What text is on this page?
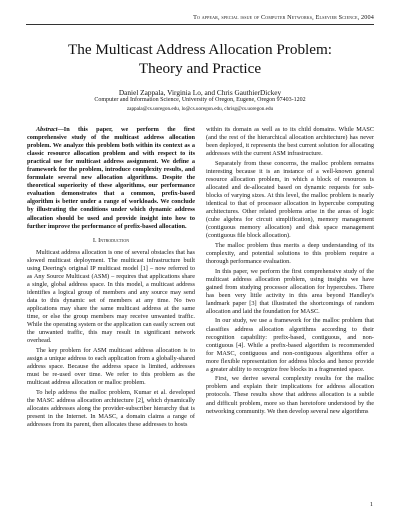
To appear, special issue of Computer Networks, Elsevier Science, 2004
The Multicast Address Allocation Problem:
Theory and Practice
Daniel Zappala, Virginia Lo, and Chris GauthierDickey
Computer and Information Science, University of Oregon, Eugene, Oregon 97403-1202
zappala@cs.uoregon.edu, lo@cs.uoregon.edu, chrisg@cs.uoregon.edu

Abstract—In this paper, we perform the first comprehensive study of the multicast address allocation problem. We analyze this problem both within its context as a classic resource allocation problem and with respect to its practical use for multicast address assignment. We define a framework for the problem, introduce complexity results, and formulate several new allocation algorithms. Despite the theoretical superiority of these algorithms, our performance evaluation demonstrates that a common, prefix-based algorithm is better under a range of workloads. We conclude by illustrating the conditions under which dynamic address allocation should be used and provide insight into how to further improve the performance of prefix-based allocation.

I. Introduction

Multicast address allocation is one of several obstacles that has slowed multicast deployment. The multicast infrastructure built using Deering's original IP multicast model [1] – now referred to as Any Source Multicast (ASM) – requires that applications share a single, global address space. In this model, a multicast address identifies a logical group of members and any source may send data to this dynamic set of members at any time. No two applications may share the same multicast address at the same time, or else the group members may receive unwanted traffic. While the operating system or the application can easily screen out the unwanted traffic, this may result in significant network overhead.

The key problem for ASM multicast address allocation is to assign a unique address to each application from a globally-shared address space. Because the address space is limited, addresses must be re-used over time. We refer to this problem as the multicast address allocation or malloc problem.

To help address the malloc problem, Kumar et al. developed the MASC address allocation architecture [2], which dynamically allocates addresses along the provider-subscriber hierarchy that is present in the Internet. In MASC, a domain claims a range of addresses from its parent, then allocates these addresses to hosts

within its domain as well as to its child domains. While MASC (and the rest of the hierarchical allocation architecture) has never been deployed, it represents the best current solution for allocating addresses with the current ASM infrastructure.

Separately from these concerns, the malloc problem remains interesting because it is an instance of a well-known general resource allocation problem, in which a block of resources is allocated and de-allocated based on dynamic requests for sub-blocks of varying sizes. At this level, the malloc problem is nearly identical to that of processor allocation in hypercube computing architectures. Other related problems arise in the areas of logic (cube algebra for circuit simplification), memory management (contiguous memory allocation) and disk space management (contiguous file block allocation).

The malloc problem thus merits a deep understanding of its complexity, and potential solutions to this problem require a thorough performance evaluation.

In this paper, we perform the first comprehensive study of the multicast address allocation problem, using insights we have gained from studying processor allocation for hypercubes. There has been very little activity in this area beyond Handley's landmark paper [3] that illustrated the shortcomings of random allocation and laid the foundation for MASC.

In our study, we use a framework for the malloc problem that classifies address allocation algorithms according to their recognition capability: prefix-based, contiguous, and non-contiguous [4]. While a prefix-based algorithm is recommended for MASC, contiguous and non-contiguous algorithms offer a more flexible representation for address blocks and hence provide a greater ability to recognize free blocks in a fragmented space.

First, we derive several complexity results for the malloc problem and explain their implications for address allocation protocols. These results show that address allocation is a subtle and difficult problem, more so than heretofore understood by the networking community. We then develop several new algorithms

1
